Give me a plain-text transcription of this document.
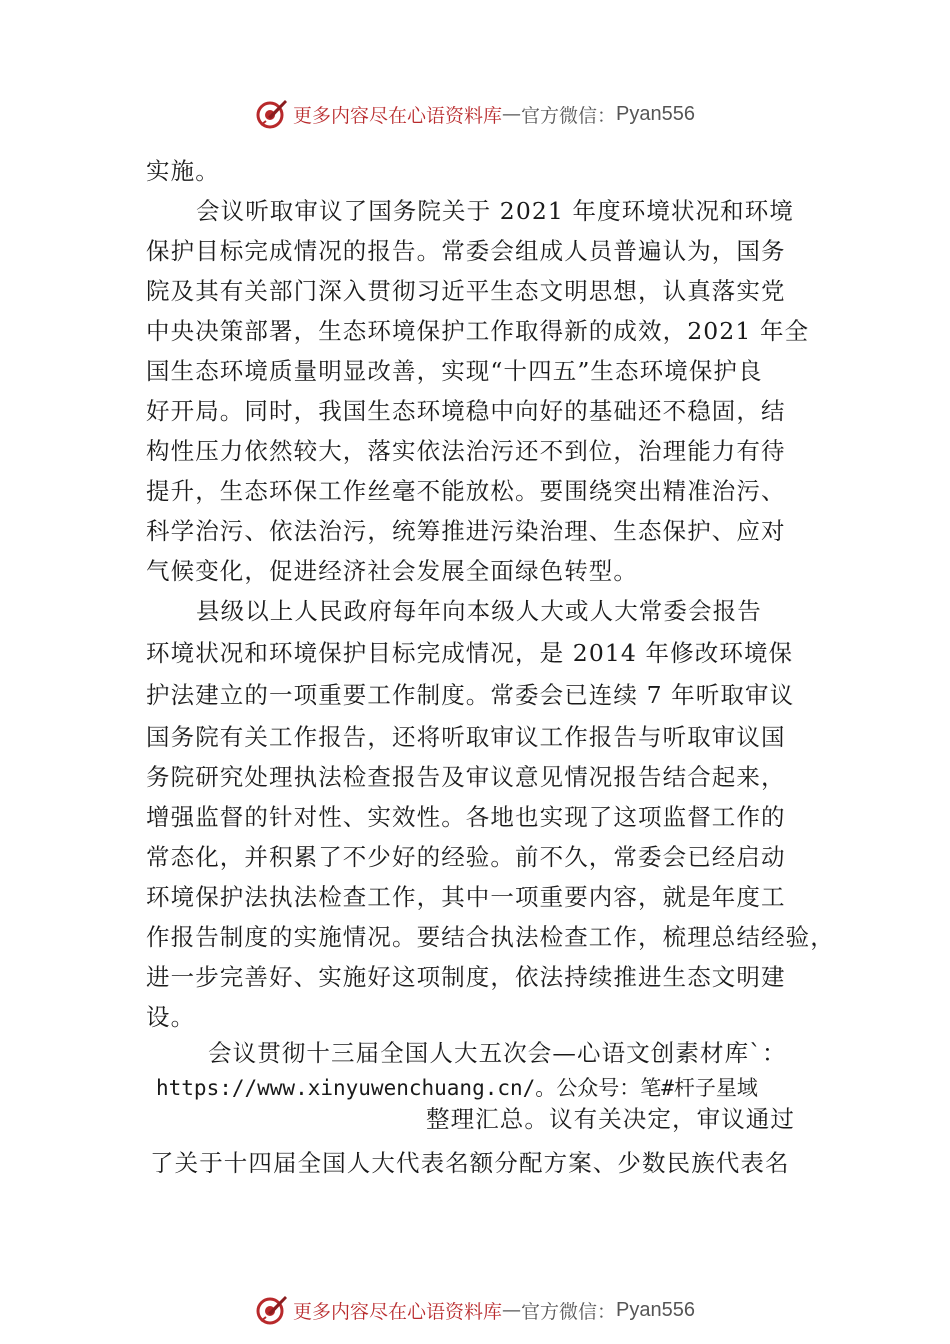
更多内容尽在心语资料库 — 官方微信： Pyan556
实施。
会议听取审议了国务院关于 2021 年度环境状况和环境
保护目标完成情况的报告。常委会组成人员普遍认为，国务
院及其有关部门深入贯彻习近平生态文明思想，认真落实党
中央决策部署，生态环境保护工作取得新的成效，2021 年全
国生态环境质量明显改善，实现“十四五”生态环境保护良
好开局。同时，我国生态环境稳中向好的基础还不稳固，结
构性压力依然较大，落实依法治污还不到位，治理能力有待
提升，生态环保工作丝毫不能放松。要围绕突出精准治污、
科学治污、依法治污，统筹推进污染治理、生态保护、应对
气候变化，促进经济社会发展全面绿色转型。
县级以上人民政府每年向本级人大或人大常委会报告
环境状况和环境保护目标完成情况，是 2014 年修改环境保
护法建立的一项重要工作制度。常委会已连续 7 年听取审议
国务院有关工作报告，还将听取审议工作报告与听取审议国
务院研究处理执法检查报告及审议意见情况报告结合起来，
增强监督的针对性、实效性。各地也实现了这项监督工作的
常态化，并积累了不少好的经验。前不久，常委会已经启动
环境保护法执法检查工作，其中一项重要内容，就是年度工
作报告制度的实施情况。要结合执法检查工作，梳理总结经验，
进一步完善好、实施好这项制度，依法持续推进生态文明建
设。
会议贯彻十三届全国人大五次会—心语文创素材库`：
https://www.xinyuwenchuang.cn/。公众号：笔#杆子星域
整理汇总。议有关决定，审议通过
了关于十四届全国人大代表名额分配方案、少数民族代表名
更多内容尽在心语资料库 — 官方微信： Pyan556
